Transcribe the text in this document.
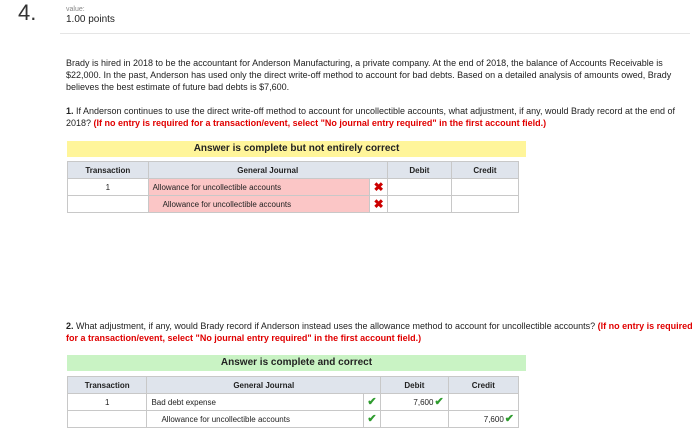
4.	value:
1.00 points
Brady is hired in 2018 to be the accountant for Anderson Manufacturing, a private company. At the end of 2018, the balance of Accounts Receivable is $22,000. In the past, Anderson has used only the direct write-off method to account for bad debts. Based on a detailed analysis of amounts owed, Brady believes the best estimate of future bad debts is $7,600.
1. If Anderson continues to use the direct write-off method to account for uncollectible accounts, what adjustment, if any, would Brady record at the end of 2018? (If no entry is required for a transaction/event, select "No journal entry required" in the first account field.)
Answer is complete but not entirely correct
Transaction	General Journal		Debit	Credit
1	Allowance for uncollectible accounts	✖		
	Allowance for uncollectible accounts	✖		
2. What adjustment, if any, would Brady record if Anderson instead uses the allowance method to account for uncollectible accounts? (If no entry is required for a transaction/event, select "No journal entry required" in the first account field.)
Answer is complete and correct
Transaction	General Journal		Debit	Credit
1	Bad debt expense	✔	7,600✔	
	Allowance for uncollectible accounts	✔		7,600✔
